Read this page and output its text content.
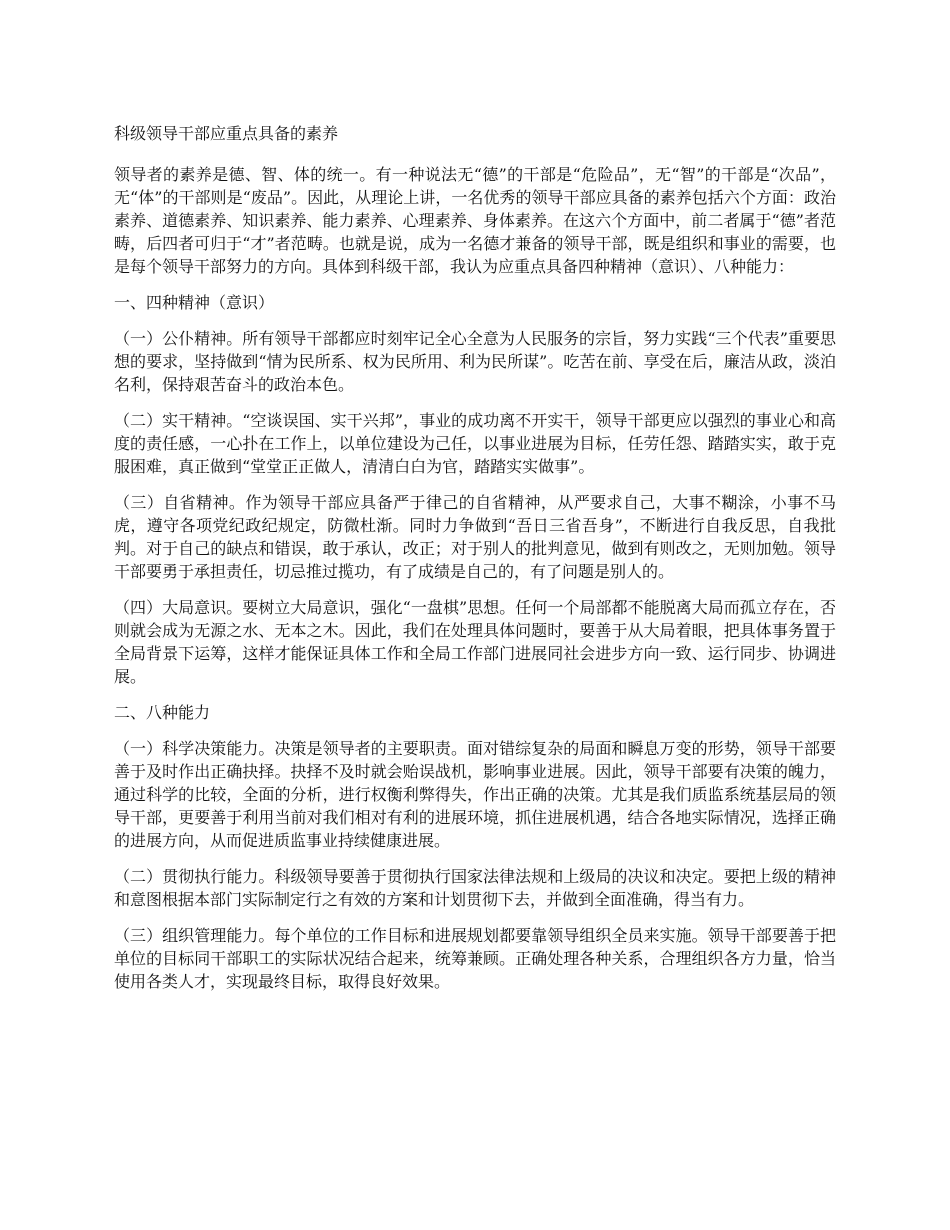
科级领导干部应重点具备的素养

领导者的素养是德、智、体的统一。有一种说法无“德”的干部是“危险品”，无“智”的干部是“次品”，无“体”的干部则是“废品”。因此，从理论上讲，一名优秀的领导干部应具备的素养包括六个方面：政治素养、道德素养、知识素养、能力素养、心理素养、身体素养。在这六个方面中，前二者属于“德”者范畴，后四者可归于“才”者范畴。也就是说，成为一名德才兼备的领导干部，既是组织和事业的需要，也是每个领导干部努力的方向。具体到科级干部，我认为应重点具备四种精神（意识）、八种能力：

一、四种精神（意识）

（一）公仆精神。所有领导干部都应时刻牢记全心全意为人民服务的宗旨，努力实践“三个代表”重要思想的要求，坚持做到“情为民所系、权为民所用、利为民所谋”。吃苦在前、享受在后，廉洁从政，淡泊名利，保持艰苦奋斗的政治本色。

（二）实干精神。“空谈误国、实干兴邦”，事业的成功离不开实干，领导干部更应以强烈的事业心和高度的责任感，一心扑在工作上，以单位建设为己任，以事业进展为目标，任劳任怨、踏踏实实，敢于克服困难，真正做到“堂堂正正做人，清清白白为官，踏踏实实做事”。

（三）自省精神。作为领导干部应具备严于律己的自省精神，从严要求自己，大事不糊涂，小事不马虎，遵守各项党纪政纪规定，防微杜渐。同时力争做到“吾日三省吾身”，不断进行自我反思，自我批判。对于自己的缺点和错误，敢于承认，改正；对于别人的批判意见，做到有则改之，无则加勉。领导干部要勇于承担责任，切忌推过揽功，有了成绩是自己的，有了问题是别人的。

（四）大局意识。要树立大局意识，强化“一盘棋”思想。任何一个局部都不能脱离大局而孤立存在，否则就会成为无源之水、无本之木。因此，我们在处理具体问题时，要善于从大局着眼，把具体事务置于全局背景下运筹，这样才能保证具体工作和全局工作部门进展同社会进步方向一致、运行同步、协调进展。

二、八种能力

（一）科学决策能力。决策是领导者的主要职责。面对错综复杂的局面和瞬息万变的形势，领导干部要善于及时作出正确抉择。抉择不及时就会贻误战机，影响事业进展。因此，领导干部要有决策的魄力，通过科学的比较，全面的分析，进行权衡利弊得失，作出正确的决策。尤其是我们质监系统基层局的领导干部，更要善于利用当前对我们相对有利的进展环境，抓住进展机遇，结合各地实际情况，选择正确的进展方向，从而促进质监事业持续健康进展。

（二）贯彻执行能力。科级领导要善于贯彻执行国家法律法规和上级局的决议和决定。要把上级的精神和意图根据本部门实际制定行之有效的方案和计划贯彻下去，并做到全面准确，得当有力。

（三）组织管理能力。每个单位的工作目标和进展规划都要靠领导组织全员来实施。领导干部要善于把单位的目标同干部职工的实际状况结合起来，统筹兼顾。正确处理各种关系，合理组织各方力量，恰当使用各类人才，实现最终目标，取得良好效果。
